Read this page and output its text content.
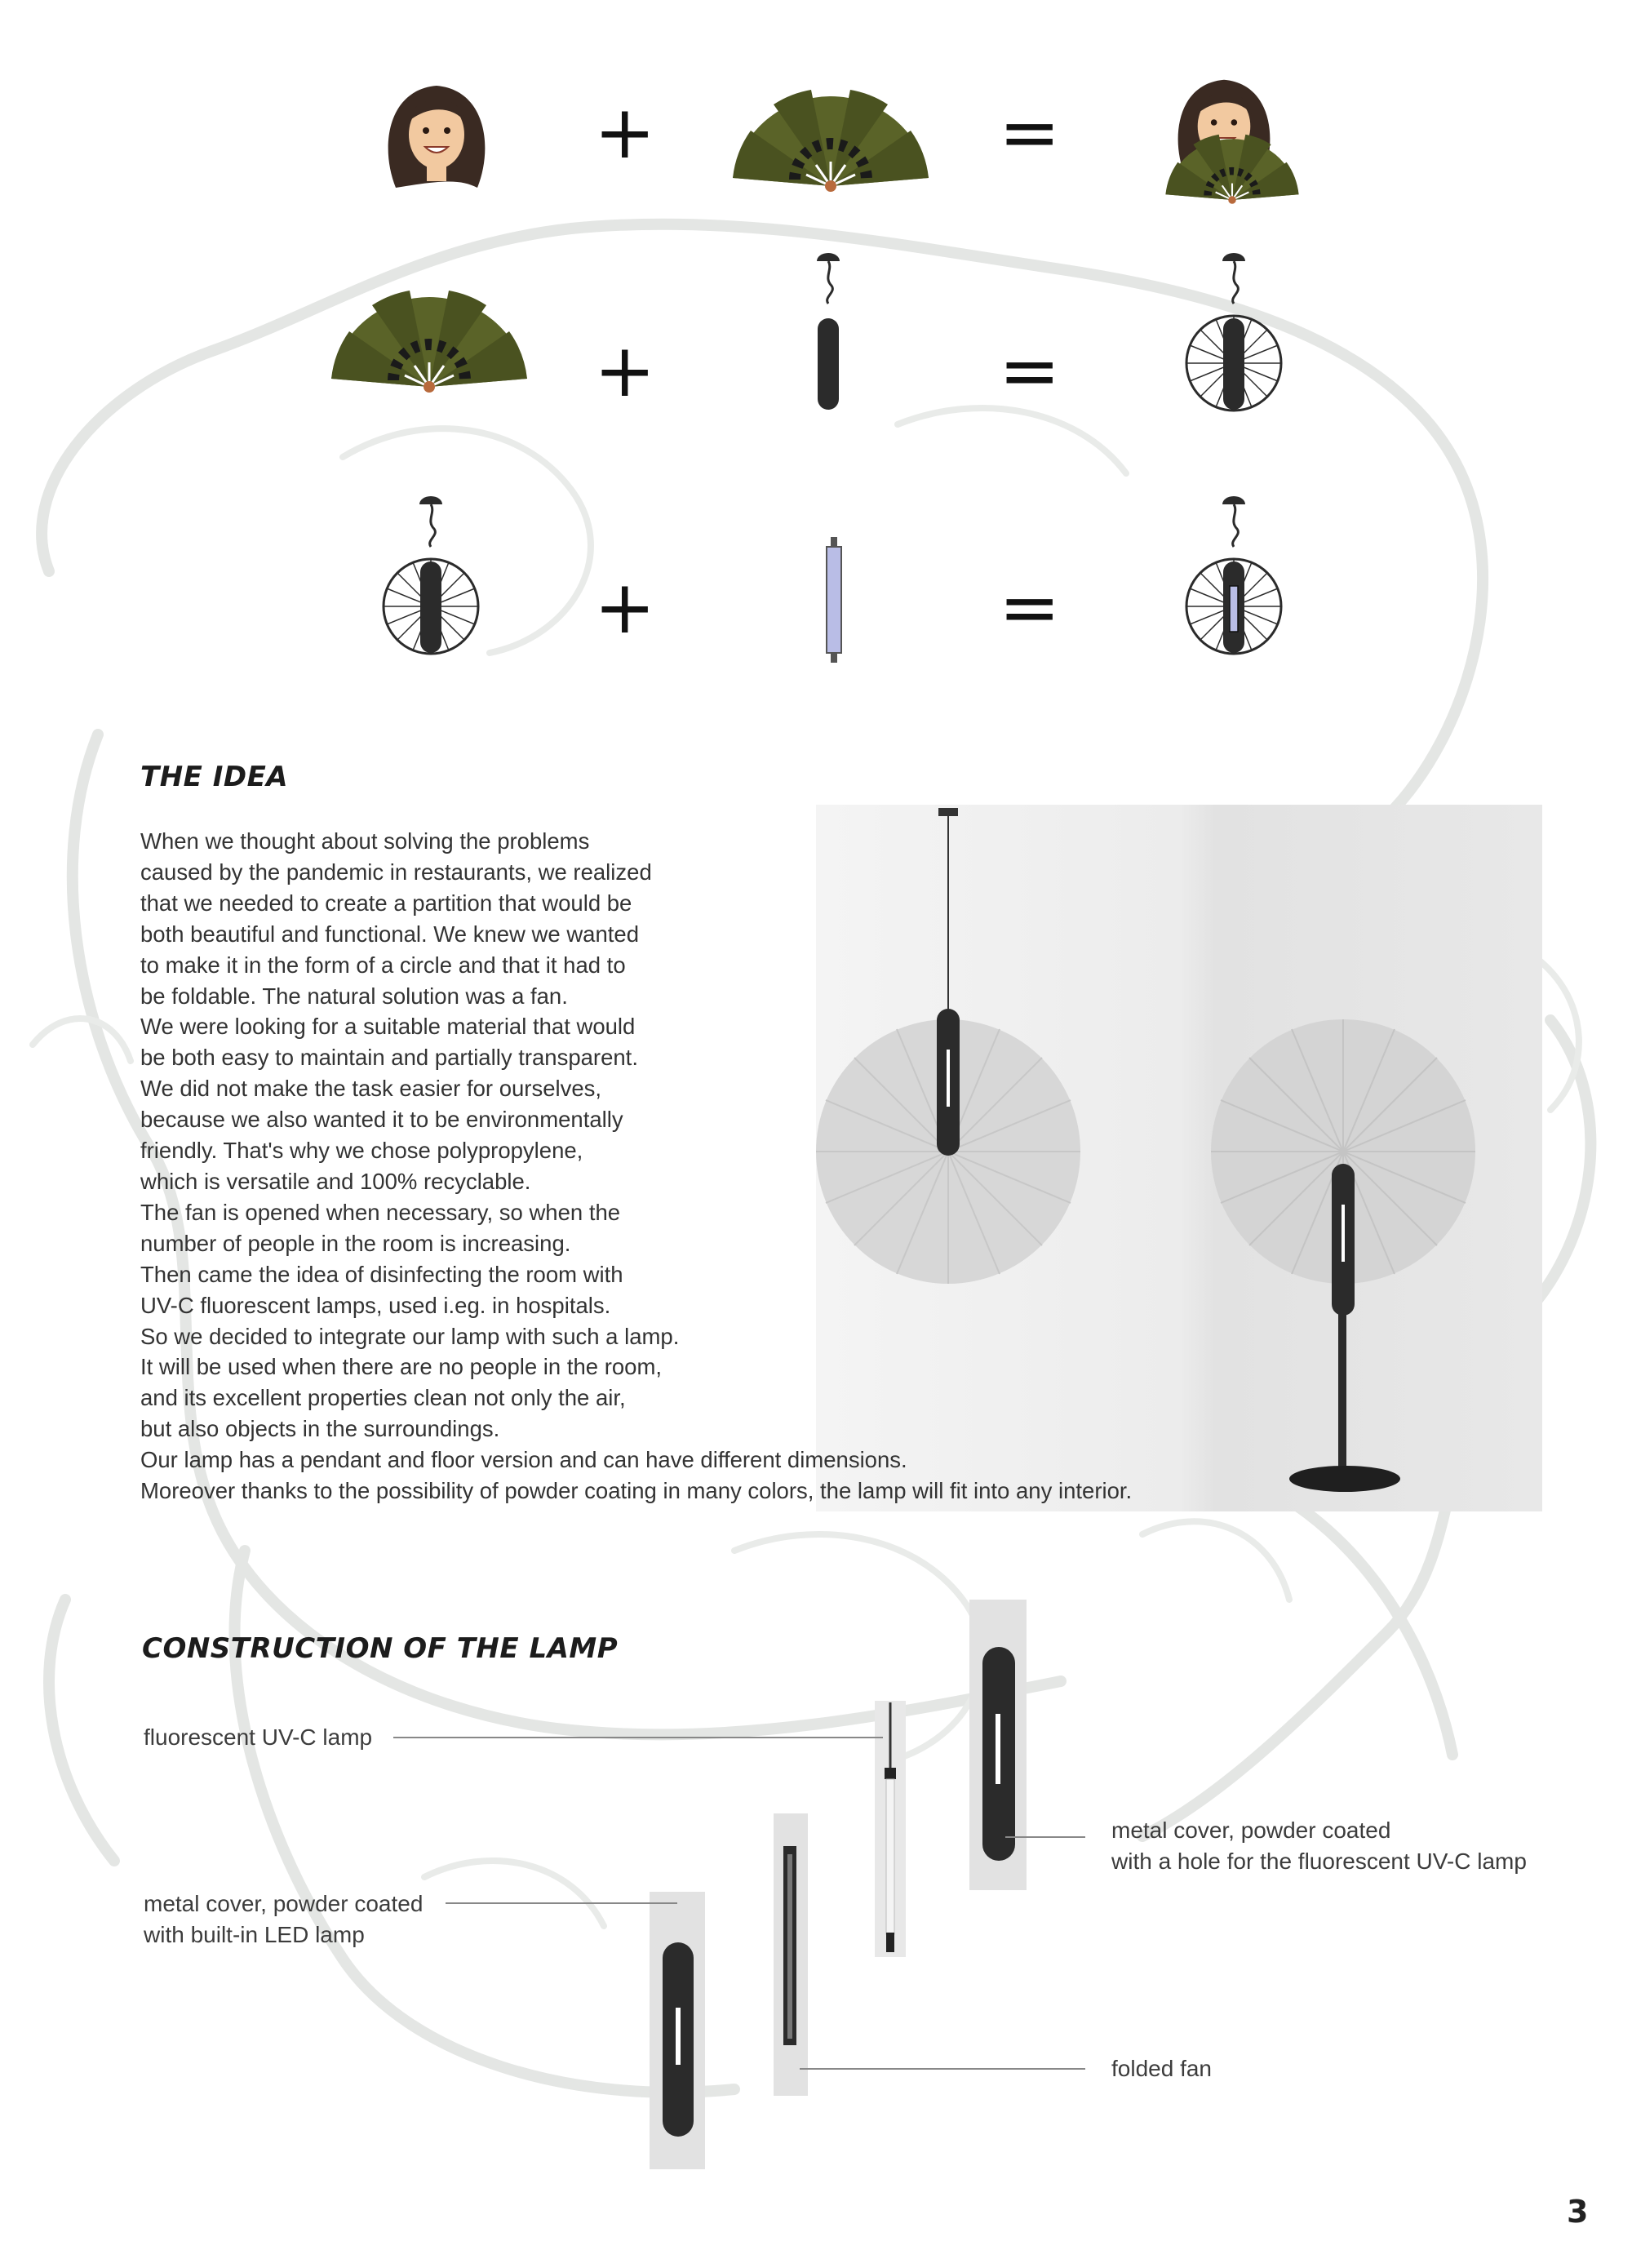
+	=
+	=
+	=
THE IDEA
When we thought about solving the problems
caused by the pandemic in restaurants, we realized
that we needed to create a partition that would be
both beautiful and functional. We knew we wanted
to make it in the form of a circle and that it had to
be foldable. The natural solution was a fan.
We were looking for a suitable material that would
be both easy to maintain and partially transparent.
We did not make the task easier for ourselves,
because we also wanted it to be environmentally
friendly. That's why we chose polypropylene,
which is versatile and 100% recyclable.
The fan is opened when necessary, so when the
number of people in the room is increasing.
Then came the idea of disinfecting the room with
UV-C fluorescent lamps, used i.eg. in hospitals.
So we decided to integrate our lamp with such a lamp.
It will be used when there are no people in the room,
and its excellent properties clean not only the air,
but also objects in the surroundings.
Our lamp has a pendant and floor version and can have different dimensions.
Moreover thanks to the possibility of powder coating in many colors, the lamp will fit into any interior.
CONSTRUCTION OF THE LAMP
fluorescent UV-C lamp
metal cover, powder coated
with built-in LED lamp
metal cover, powder coated
with a hole for the fluorescent UV-C lamp
folded fan
3
